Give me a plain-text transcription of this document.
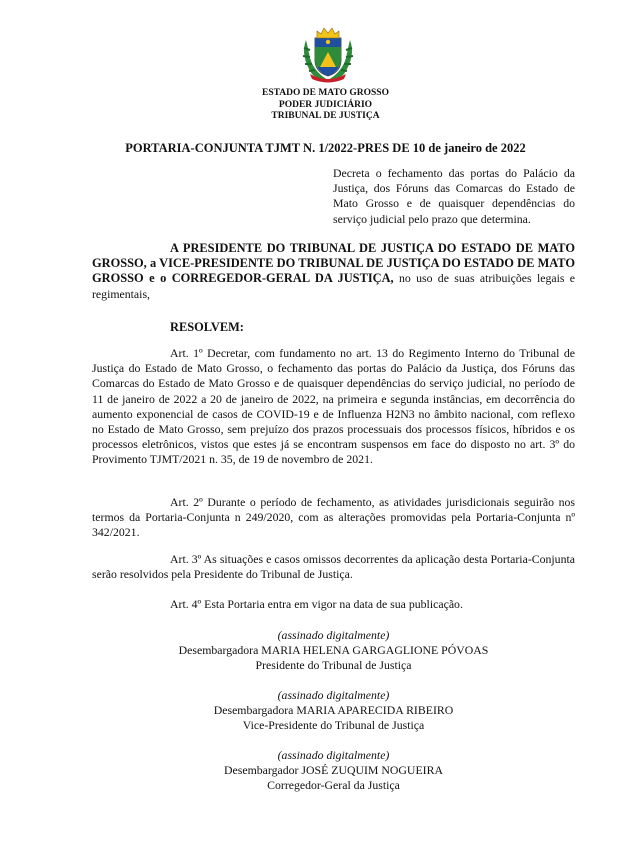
ESTADO DE MATO GROSSO
PODER JUDICIÁRIO
TRIBUNAL DE JUSTIÇA
PORTARIA-CONJUNTA TJMT N. 1/2022-PRES DE 10 de janeiro de 2022
Decreta o fechamento das portas do Palácio da Justiça, dos Fóruns das Comarcas do Estado de Mato Grosso e de quaisquer dependências do serviço judicial pelo prazo que determina.
A PRESIDENTE DO TRIBUNAL DE JUSTIÇA DO ESTADO DE MATO GROSSO, a VICE-PRESIDENTE DO TRIBUNAL DE JUSTIÇA DO ESTADO DE MATO GROSSO e o CORREGEDOR-GERAL DA JUSTIÇA, no uso de suas atribuições legais e regimentais,
RESOLVEM:
Art. 1º Decretar, com fundamento no art. 13 do Regimento Interno do Tribunal de Justiça do Estado de Mato Grosso, o fechamento das portas do Palácio da Justiça, dos Fóruns das Comarcas do Estado de Mato Grosso e de quaisquer dependências do serviço judicial, no período de 11 de janeiro de 2022 a 20 de janeiro de 2022, na primeira e segunda instâncias, em decorrência do aumento exponencial de casos de COVID-19 e de Influenza H2N3 no âmbito nacional, com reflexo no Estado de Mato Grosso, sem prejuízo dos prazos processuais dos processos físicos, híbridos e os processos eletrônicos, vistos que estes já se encontram suspensos em face do disposto no art. 3º do Provimento TJMT/2021 n. 35, de 19 de novembro de 2021.
Art. 2º Durante o período de fechamento, as atividades jurisdicionais seguirão nos termos da Portaria-Conjunta n 249/2020, com as alterações promovidas pela Portaria-Conjunta nº 342/2021.
Art. 3º As situações e casos omissos decorrentes da aplicação desta Portaria-Conjunta serão resolvidos pela Presidente do Tribunal de Justiça.
Art. 4º Esta Portaria entra em vigor na data de sua publicação.
(assinado digitalmente)
Desembargadora MARIA HELENA GARGAGLIONE PÓVOAS
Presidente do Tribunal de Justiça
(assinado digitalmente)
Desembargadora MARIA APARECIDA RIBEIRO
Vice-Presidente do Tribunal de Justiça
(assinado digitalmente)
Desembargador JOSÉ ZUQUIM NOGUEIRA
Corregedor-Geral da Justiça
